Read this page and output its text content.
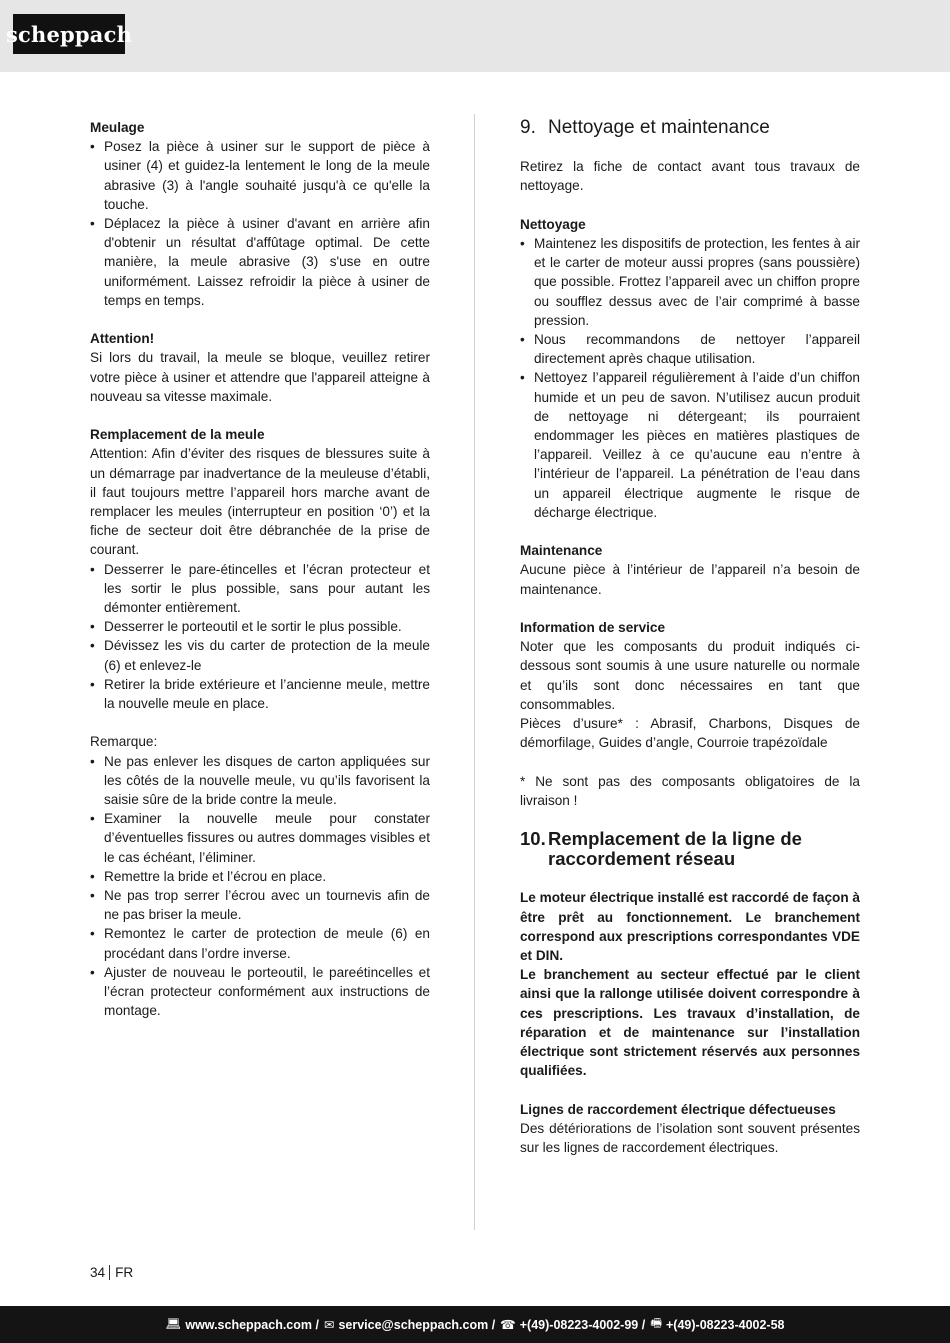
scheppach

Meulage

• Posez la pièce à usiner sur le support de pièce à usiner (4) et guidez-la lentement le long de la meule abrasive (3) à l'angle souhaité jusqu'à ce qu'elle la touche.
• Déplacez la pièce à usiner d'avant en arrière afin d'obtenir un résultat d'affûtage optimal. De cette manière, la meule abrasive (3) s'use en outre uniformément. Laissez refroidir la pièce à usiner de temps en temps.

Attention!

Si lors du travail, la meule se bloque, veuillez retirer votre pièce à usiner et attendre que l'appareil atteigne à nouveau sa vitesse maximale.

Remplacement de la meule

Attention: Afin d’éviter des risques de blessures suite à un démarrage par inadvertance de la meuleuse d’établi, il faut toujours mettre l’appareil hors marche avant de remplacer les meules (interrupteur en position ‘0’) et la fiche de secteur doit être débranchée de la prise de courant.

• Desserrer le pare-étincelles et l’écran protecteur et les sortir le plus possible, sans pour autant les démonter entièrement.
• Desserrer le porteoutil et le sortir le plus possible.
• Dévissez les vis du carter de protection de la meule (6) et enlevez-le
• Retirer la bride extérieure et l’ancienne meule, mettre la nouvelle meule en place.

Remarque:

• Ne pas enlever les disques de carton appliquées sur les côtés de la nouvelle meule, vu qu’ils favorisent la saisie sûre de la bride contre la meule.
• Examiner la nouvelle meule pour constater d’éventuelles fissures ou autres dommages visibles et le cas échéant, l’éliminer.
• Remettre la bride et l’écrou en place.
• Ne pas trop serrer l’écrou avec un tournevis afin de ne pas briser la meule.
• Remontez le carter de protection de meule (6) en procédant dans l’ordre inverse.
• Ajuster de nouveau le porteoutil, le pareétincelles et l’écran protecteur conformément aux instructions de montage.
9. Nettoyage et maintenance

Retirez la fiche de contact avant tous travaux de nettoyage.

Nettoyage

• Maintenez les dispositifs de protection, les fentes à air et le carter de moteur aussi propres (sans poussière) que possible. Frottez l’appareil avec un chiffon propre ou soufflez dessus avec de l’air comprimé à basse pression.
• Nous recommandons de nettoyer l’appareil directement après chaque utilisation.
• Nettoyez l’appareil régulièrement à l’aide d’un chiffon humide et un peu de savon. N’utilisez aucun produit de nettoyage ni détergeant; ils pourraient endommager les pièces en matières plastiques de l’appareil. Veillez à ce qu’aucune eau n’entre à l’intérieur de l’appareil. La pénétration de l’eau dans un appareil électrique augmente le risque de décharge électrique.

Maintenance

Aucune pièce à l’intérieur de l’appareil n’a besoin de maintenance.

Information de service

Noter que les composants du produit indiqués ci-dessous sont soumis à une usure naturelle ou normale et qu’ils sont donc nécessaires en tant que consommables.

Pièces d’usure* : Abrasif, Charbons, Disques de démorfilage, Guides d’angle, Courroie trapézoïdale

* Ne sont pas des composants obligatoires de la livraison !

10. Remplacement de la ligne de
raccordement réseau

Le moteur électrique installé est raccordé de façon à être prêt au fonctionnement. Le branchement correspond aux prescriptions correspondantes VDE et DIN.

Le branchement au secteur effectué par le client ainsi que la rallonge utilisée doivent correspondre à ces prescriptions. Les travaux d’installation, de réparation et de maintenance sur l’installation électrique sont strictement réservés aux personnes qualifiées.

Lignes de raccordement électrique défectueuses

Des détériorations de l’isolation sont souvent présentes sur les lignes de raccordement électriques.

34 FR
💻︎ www.scheppach.com / ✉︎ service@scheppach.com / ☎︎ +(49)-08223-4002-99 / 🖷︎ +(49)-08223-4002-58
